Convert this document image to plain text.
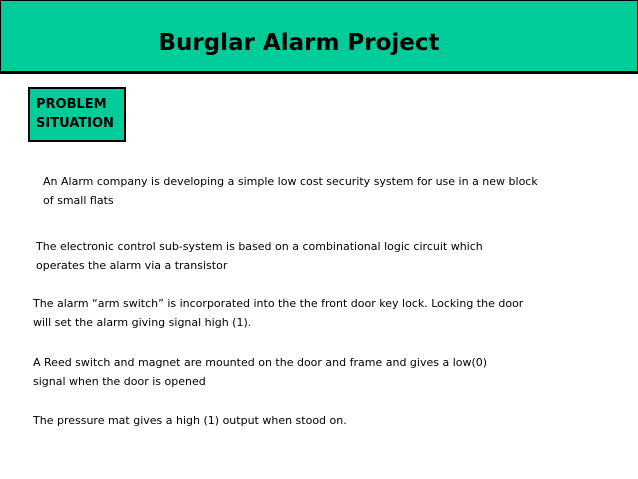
Burglar Alarm Project
PROBLEM
SITUATION
An Alarm company is developing a simple low cost security system for use in a new block
of small flats
The electronic control sub-system is based on a combinational logic circuit which
operates the alarm via a transistor
The alarm “arm switch” is incorporated into the the front door key lock. Locking the door
will set the alarm giving signal high (1).
A Reed switch and magnet are mounted on the door and frame and gives a low(0)
signal when the door is opened
The pressure mat gives a high (1) output when stood on.
